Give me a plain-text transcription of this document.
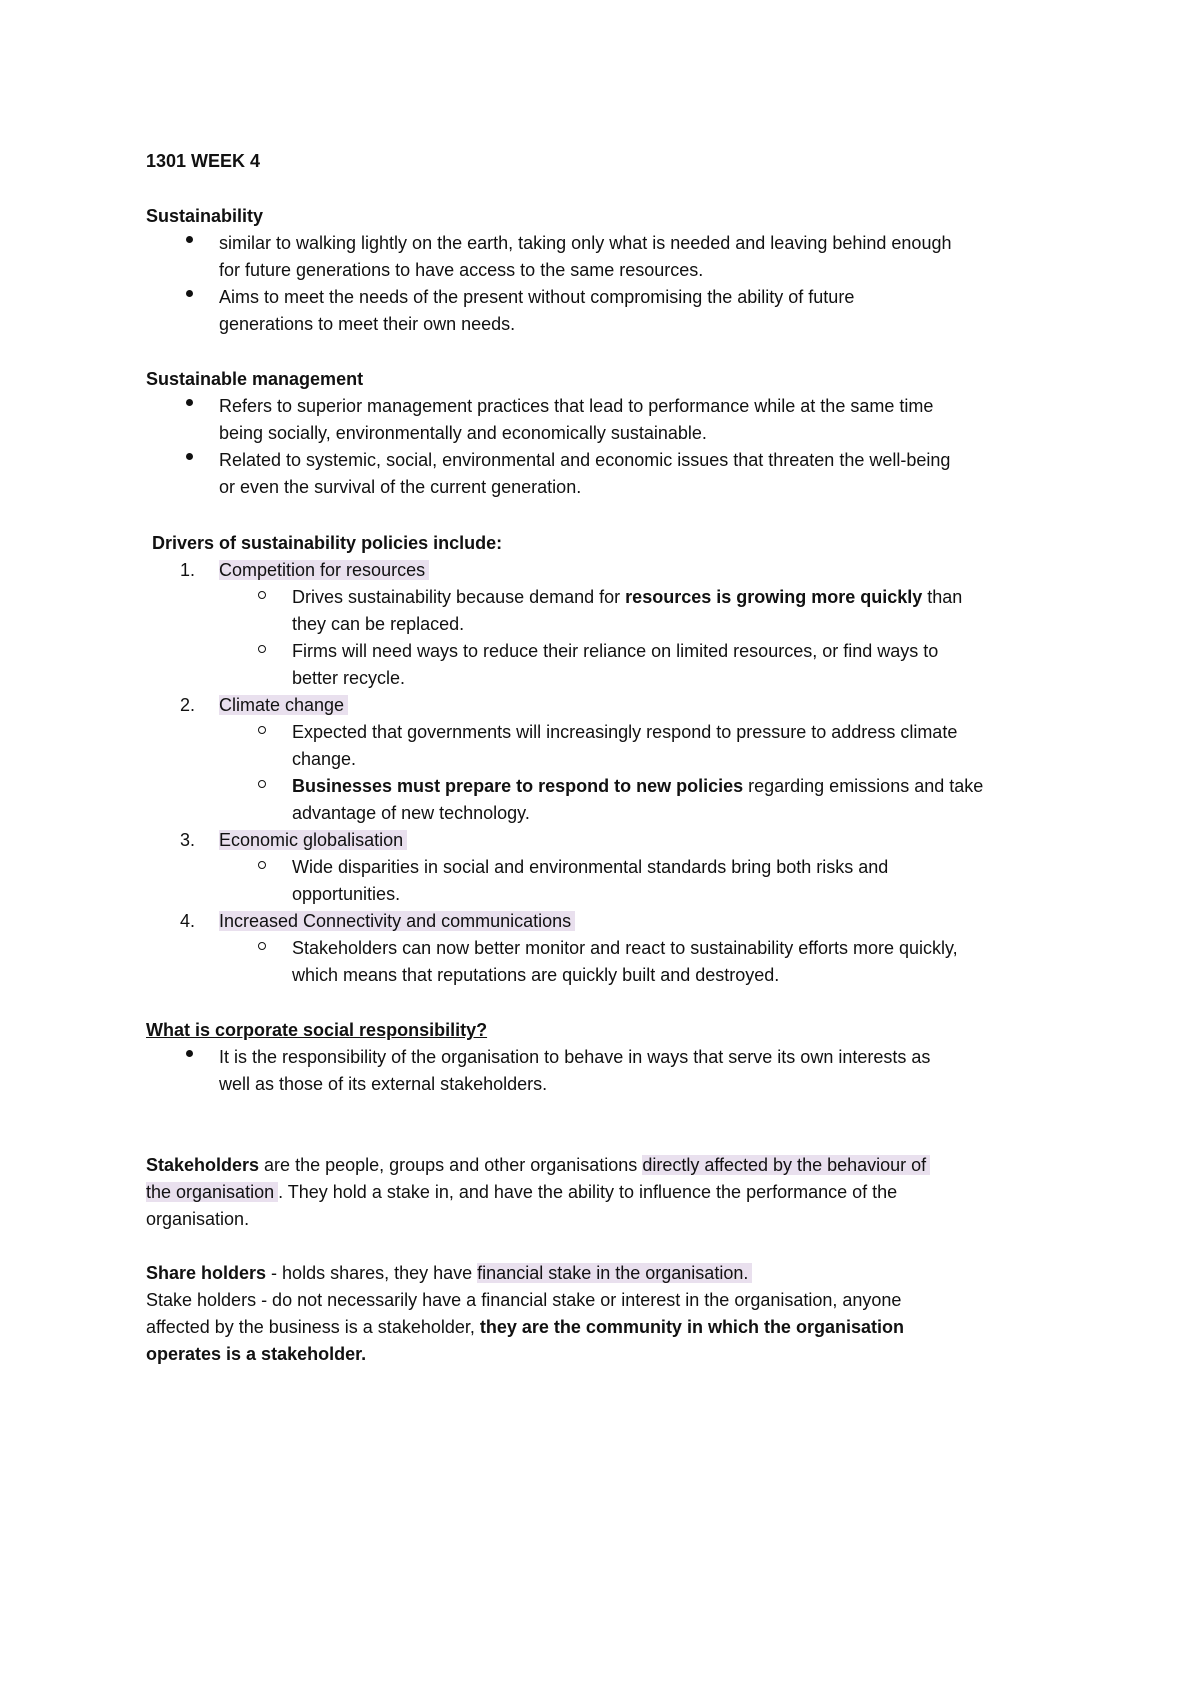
1301 WEEK 4
Sustainability
similar to walking lightly on the earth, taking only what is needed and leaving behind enough
for future generations to have access to the same resources.
Aims to meet the needs of the present without compromising the ability of future
generations to meet their own needs.
Sustainable management
Refers to superior management practices that lead to performance while at the same time
being socially, environmentally and economically sustainable.
Related to systemic, social, environmental and economic issues that threaten the well-being
or even the survival of the current generation.
Drivers of sustainability policies include:
1. Competition for resources
Drives sustainability because demand for resources is growing more quickly than
they can be replaced.
Firms will need ways to reduce their reliance on limited resources, or find ways to
better recycle.
2. Climate change
Expected that governments will increasingly respond to pressure to address climate
change.
Businesses must prepare to respond to new policies regarding emissions and take
advantage of new technology.
3. Economic globalisation
Wide disparities in social and environmental standards bring both risks and
opportunities.
4. Increased Connectivity and communications
Stakeholders can now better monitor and react to sustainability efforts more quickly,
which means that reputations are quickly built and destroyed.
What is corporate social responsibility?
It is the responsibility of the organisation to behave in ways that serve its own interests as
well as those of its external stakeholders.
Stakeholders are the people, groups and other organisations directly affected by the behaviour of
the organisation . They hold a stake in, and have the ability to influence the performance of the
organisation.
Share holders - holds shares, they have financial stake in the organisation.
Stake holders - do not necessarily have a financial stake or interest in the organisation, anyone
affected by the business is a stakeholder, they are the community in which the organisation
operates is a stakeholder.
